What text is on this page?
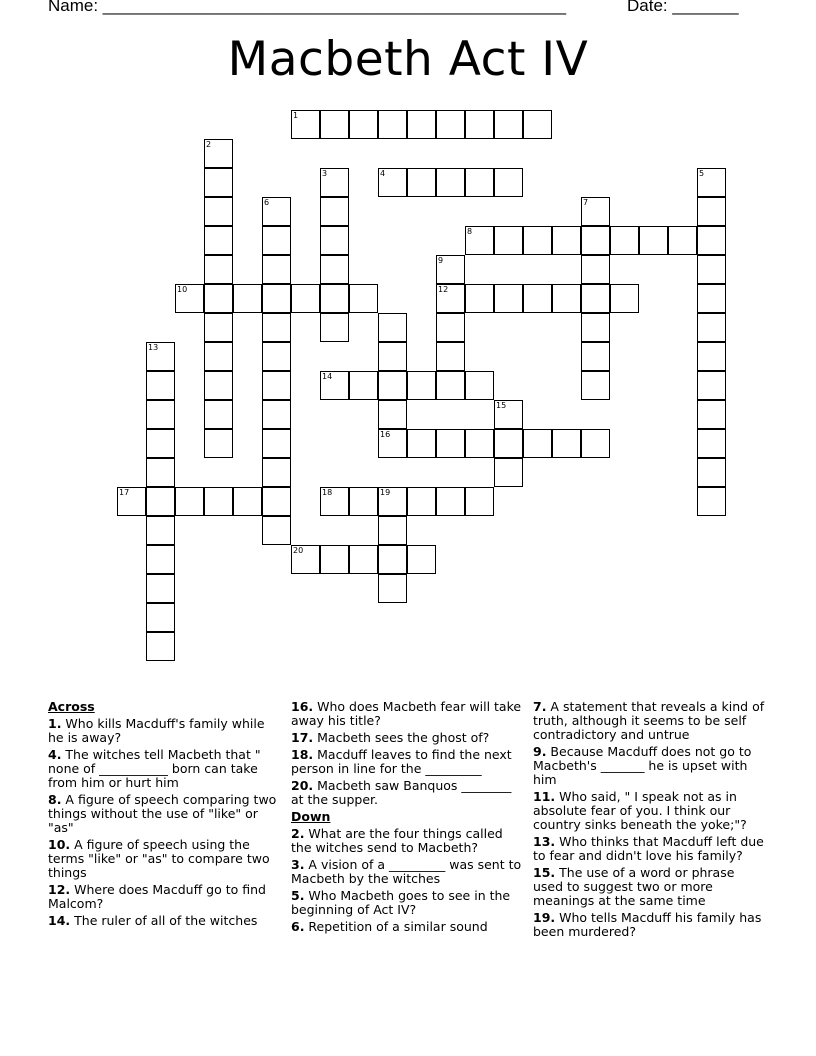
Name: _________________________________________________	Date: _______
Macbeth Act IV
1
2
3	4	5
6	7
8
9
10	12
13
14
15
16
17	18	19
20
Across
1. Who kills Macduff's family while he is away?
4. The witches tell Macbeth that " none of ___________ born can take from him or hurt him
8. A figure of speech comparing two things without the use of "like" or "as"
10. A figure of speech using the terms "like" or "as" to compare two things
12. Where does Macduff go to find Malcom?
14. The ruler of all of the witches
16. Who does Macbeth fear will take away his title?
17. Macbeth sees the ghost of?
18. Macduff leaves to find the next person in line for the _________
20. Macbeth saw Banquos ________ at the supper.
Down
2. What are the four things called the witches send to Macbeth?
3. A vision of a _________ was sent to Macbeth by the witches
5. Who Macbeth goes to see in the beginning of Act IV?
6. Repetition of a similar sound
7. A statement that reveals a kind of truth, although it seems to be self contradictory and untrue
9. Because Macduff does not go to Macbeth's _______ he is upset with him
11. Who said, " I speak not as in absolute fear of you. I think our country sinks beneath the yoke;"?
13. Who thinks that Macduff left due to fear and didn't love his family?
15. The use of a word or phrase used to suggest two or more meanings at the same time
19. Who tells Macduff his family has been murdered?
